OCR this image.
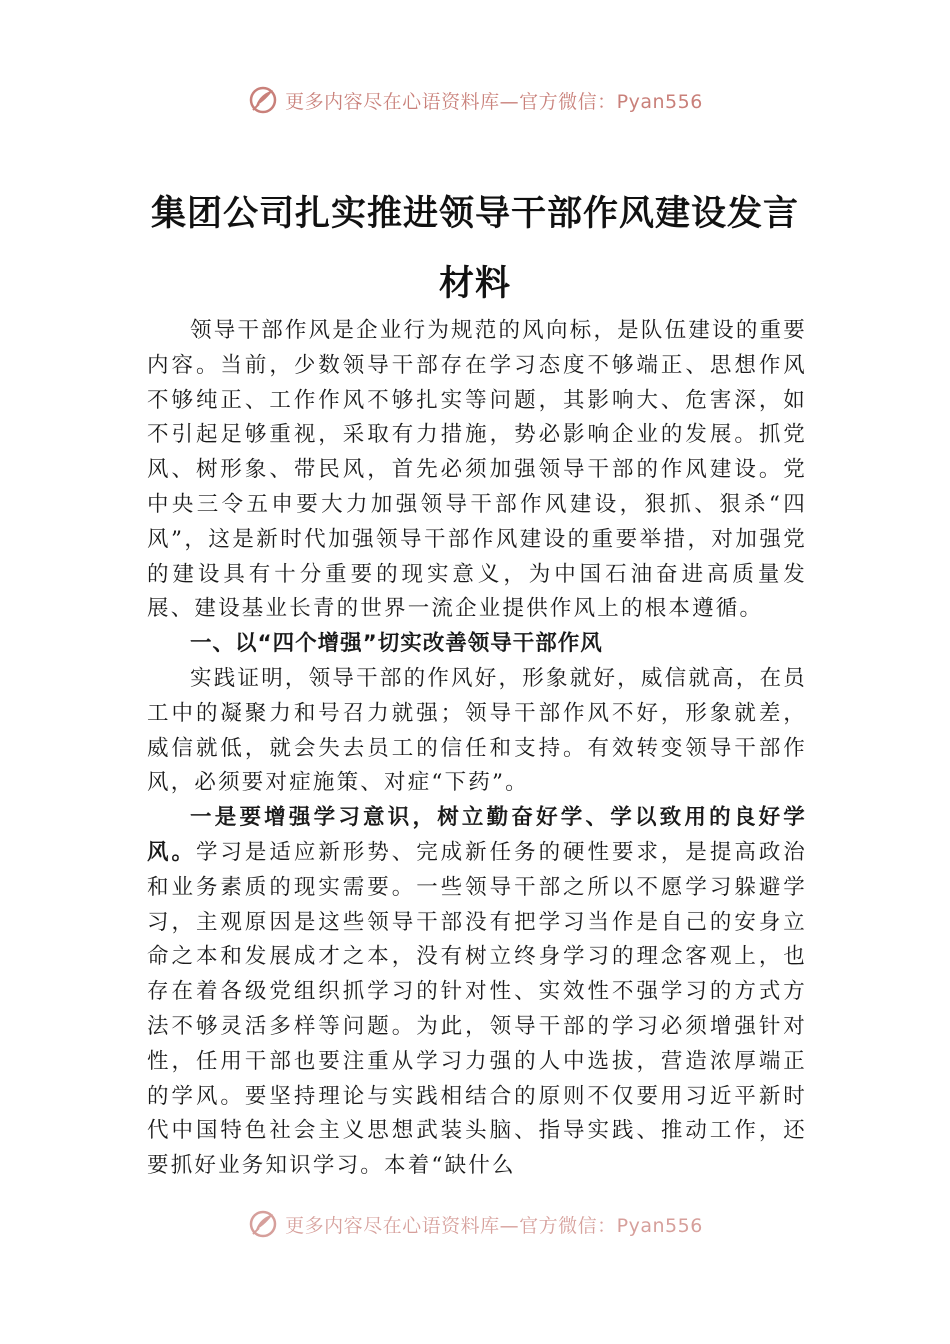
更多内容尽在心语资料库—官方微信：Pyan556
集团公司扎实推进领导干部作风建设发言
材料

领导干部作风是企业行为规范的风向标，是队伍建设的重要内容。当前，少数领导干部存在学习态度不够端正、思想作风不够纯正、工作作风不够扎实等问题，其影响大、危害深，如不引起足够重视，采取有力措施，势必影响企业的发展。抓党风、树形象、带民风，首先必须加强领导干部的作风建设。党中央三令五申要大力加强领导干部作风建设，狠抓、狠杀“四风”，这是新时代加强领导干部作风建设的重要举措，对加强党的建设具有十分重要的现实意义，为中国石油奋进高质量发展、建设基业长青的世界一流企业提供作风上的根本遵循。

一、以“四个增强”切实改善领导干部作风

实践证明，领导干部的作风好，形象就好，威信就高，在员工中的凝聚力和号召力就强；领导干部作风不好，形象就差，威信就低，就会失去员工的信任和支持。有效转变领导干部作风，必须要对症施策、对症“下药”。

一是要增强学习意识，树立勤奋好学、学以致用的良好学风。学习是适应新形势、完成新任务的硬性要求，是提高政治和业务素质的现实需要。一些领导干部之所以不愿学习躲避学习，主观原因是这些领导干部没有把学习当作是自己的安身立命之本和发展成才之本，没有树立终身学习的理念客观上，也存在着各级党组织抓学习的针对性、实效性不强学习的方式方法不够灵活多样等问题。为此，领导干部的学习必须增强针对性，任用干部也要注重从学习力强的人中选拔，营造浓厚端正的学风。要坚持理论与实践相结合的原则不仅要用习近平新时代中国特色社会主义思想武装头脑、指导实践、推动工作，还要抓好业务知识学习。本着“缺什么

更多内容尽在心语资料库—官方微信：Pyan556
